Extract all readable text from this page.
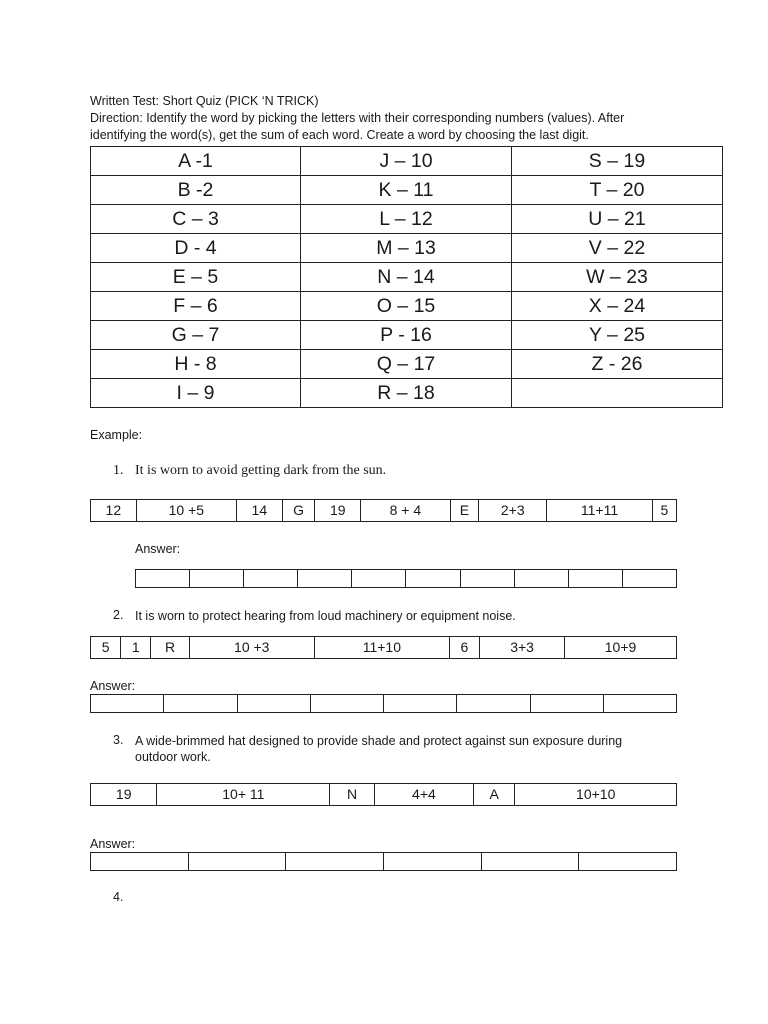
Written Test: Short Quiz (PICK ‘N TRICK)
Direction: Identify the word by picking the letters with their corresponding numbers (values). After
identifying the word(s), get the sum of each word. Create a word by choosing the last digit.
A -1	J – 10	S – 19
B -2	K – 11	T – 20
C – 3	L – 12	U – 21
D - 4	M – 13	V – 22
E – 5	N – 14	W – 23
F – 6	O – 15	X – 24
G – 7	P - 16	Y – 25
H - 8	Q – 17	Z - 26
I – 9	R – 18	
Example:
1. It is worn to avoid getting dark from the sun.
12	10 +5	14	G	19	8 + 4	E	2+3	11+11	5
Answer:

2. It is worn to protect hearing from loud machinery or equipment noise.
5	1	R	10 +3	11+10	6	3+3	10+9
Answer:

3. A wide-brimmed hat designed to provide shade and protect against sun exposure during
outdoor work.
19	10+ 11	N	4+4	A	10+10
Answer:

4.
